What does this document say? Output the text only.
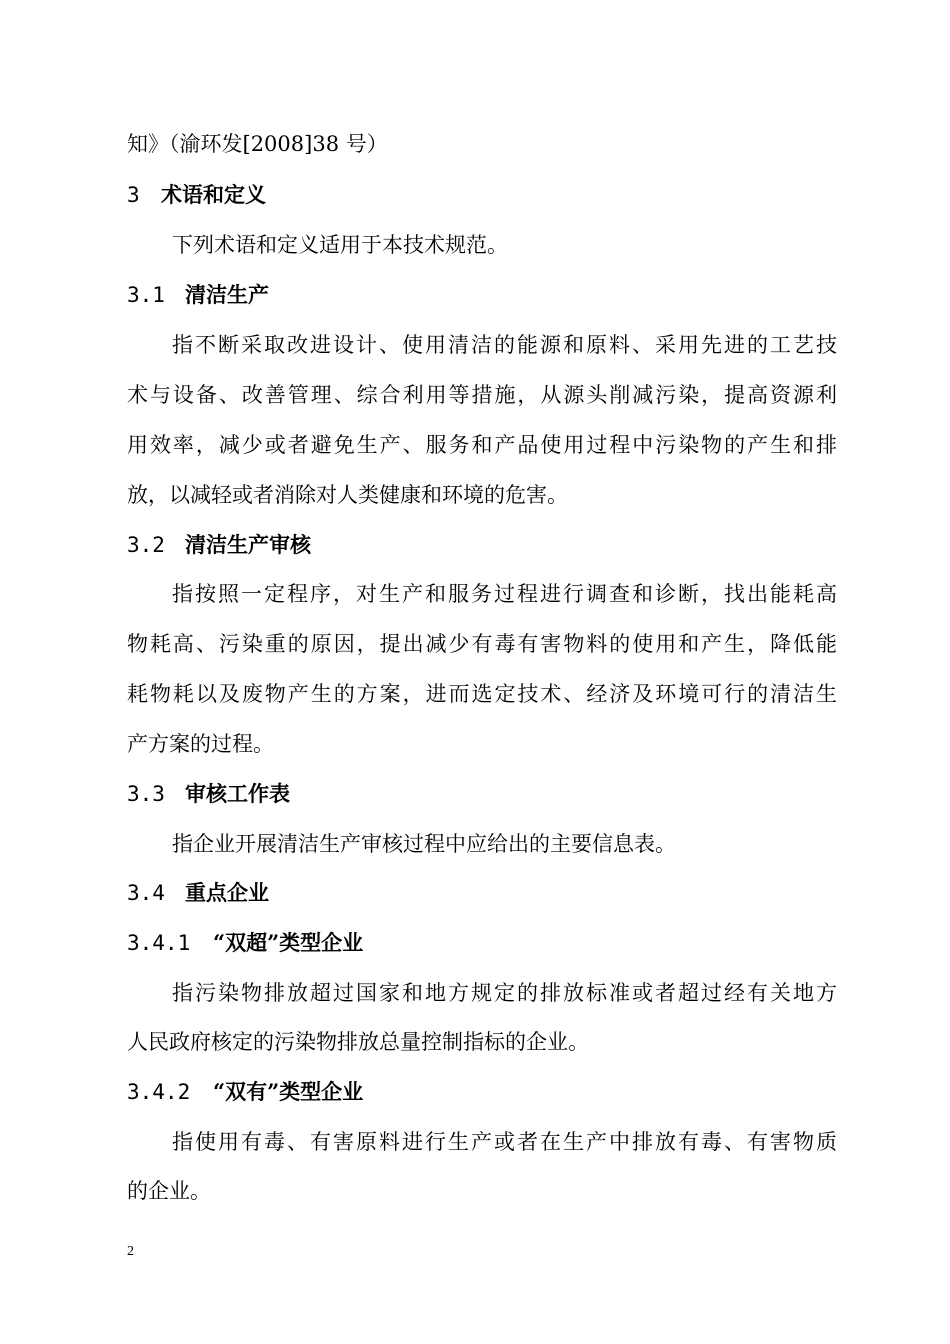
知》（渝环发[2008]38 号）
3 术语和定义
下列术语和定义适用于本技术规范。
3.1 清洁生产
指不断采取改进设计、使用清洁的能源和原料、采用先进的工艺技
术与设备、改善管理、综合利用等措施，从源头削减污染，提高资源利
用效率，减少或者避免生产、服务和产品使用过程中污染物的产生和排
放，以减轻或者消除对人类健康和环境的危害。
3.2 清洁生产审核
指按照一定程序，对生产和服务过程进行调查和诊断，找出能耗高
物耗高、污染重的原因，提出减少有毒有害物料的使用和产生，降低能
耗物耗以及废物产生的方案，进而选定技术、经济及环境可行的清洁生
产方案的过程。
3.3 审核工作表
指企业开展清洁生产审核过程中应给出的主要信息表。
3.4 重点企业
3.4.1 “双超”类型企业
指污染物排放超过国家和地方规定的排放标准或者超过经有关地方
人民政府核定的污染物排放总量控制指标的企业。
3.4.2 “双有”类型企业
指使用有毒、有害原料进行生产或者在生产中排放有毒、有害物质
的企业。
2
